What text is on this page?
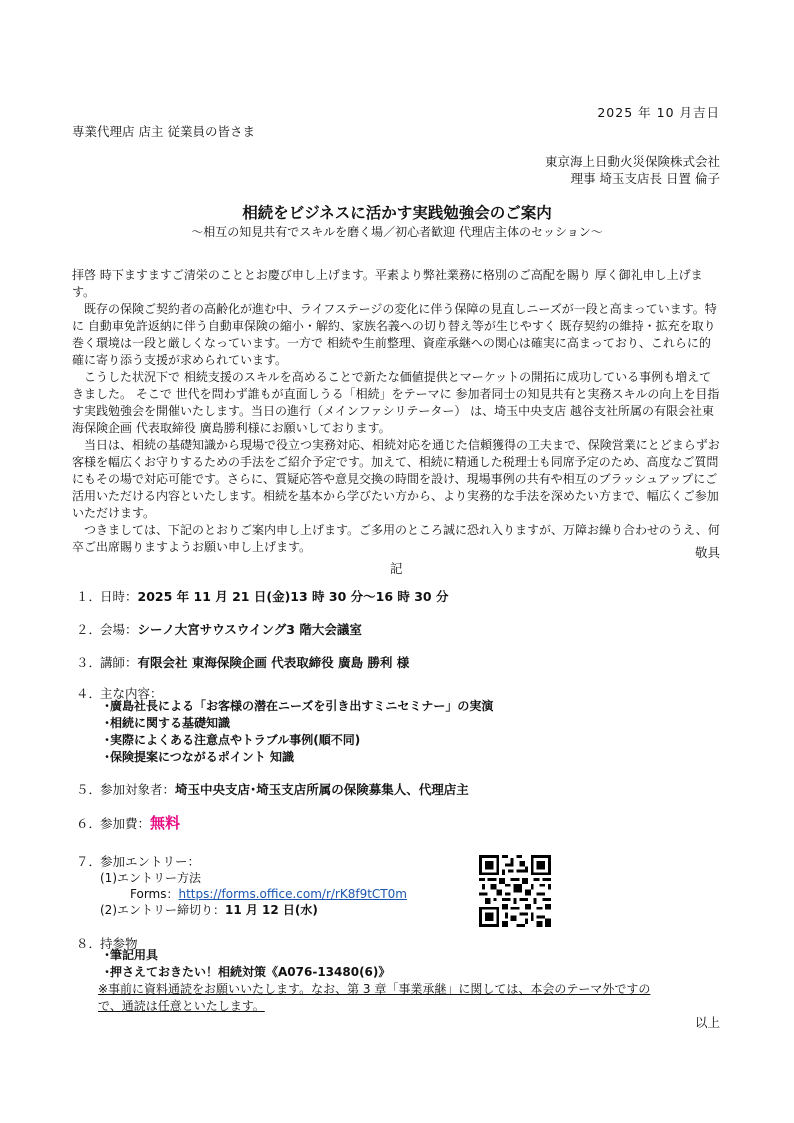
2025 年 10 月吉日
専業代理店 店主 従業員の皆さま
東京海上日動火災保険株式会社
理事 埼玉支店長 日置 倫子
相続をビジネスに活かす実践勉強会のご案内
～相互の知見共有でスキルを磨く場／初心者歓迎 代理店主体のセッション～

拝啓 時下ますますご清栄のこととお慶び申し上げます。平素より弊社業務に格別のご高配を賜り 厚く御礼申し上げます。

　既存の保険ご契約者の高齢化が進む中、ライフステージの変化に伴う保障の見直しニーズが一段と高まっています。特に 自動車免許返納に伴う自動車保険の縮小・解約、家族名義への切り替え等が生じやすく 既存契約の維持・拡充を取り巻く環境は一段と厳しくなっています。一方で 相続や生前整理、資産承継への関心は確実に高まっており、これらに的確に寄り添う支援が求められています。

　こうした状況下で 相続支援のスキルを高めることで新たな価値提供とマーケットの開拓に成功している事例も増えてきました。 そこで 世代を問わず誰もが直面しうる「相続」をテーマに 参加者同士の知見共有と実務スキルの向上を目指す実践勉強会を開催いたします。当日の進行（メインファシリテーター） は、埼玉中央支店 越谷支社所属の有限会社東海保険企画 代表取締役 廣島勝利様にお願いしております。

　当日は、相続の基礎知識から現場で役立つ実務対応、相続対応を通じた信頼獲得の工夫まで、保険営業にとどまらずお客様を幅広くお守りするための手法をご紹介予定です。加えて、相続に精通した税理士も同席予定のため、高度なご質問にもその場で対応可能です。さらに、質疑応答や意見交換の時間を設け、現場事例の共有や相互のブラッシュアップにご活用いただける内容といたします。相続を基本から学びたい方から、より実務的な手法を深めたい方まで、幅広くご参加いただけます。

　つきましては、下記のとおりご案内申し上げます。ご多用のところ誠に恐れ入りますが、万障お繰り合わせのうえ、何卒ご出席賜りますようお願い申し上げます。	敬具
記
１．日時：2025 年 11 月 21 日(金)13 時 30 分～16 時 30 分
２．会場：シーノ大宮サウスウイング3 階大会議室
３．講師：有限会社 東海保険企画 代表取締役 廣島 勝利 様
４．主な内容：
･廣島社長による「お客様の潜在ニーズを引き出すミニセミナー」の実演
･相続に関する基礎知識
･実際によくある注意点やトラブル事例(順不同)
･保険提案につながるポイント 知識
５．参加対象者：埼玉中央支店･埼玉支店所属の保険募集人、代理店主
６．参加費：無料
７．参加エントリー：
(1)エントリー方法
Forms：https://forms.office.com/r/rK8f9tCT0m
(2)エントリー締切り：11 月 12 日(水)
８．持参物
･筆記用具
･押さえておきたい！相続対策《A076-13480(6)》
※事前に資料通読をお願いいたします。なお、第 3 章「事業承継」に関しては、本会のテーマ外ですの
で、通読は任意といたします。
以上
